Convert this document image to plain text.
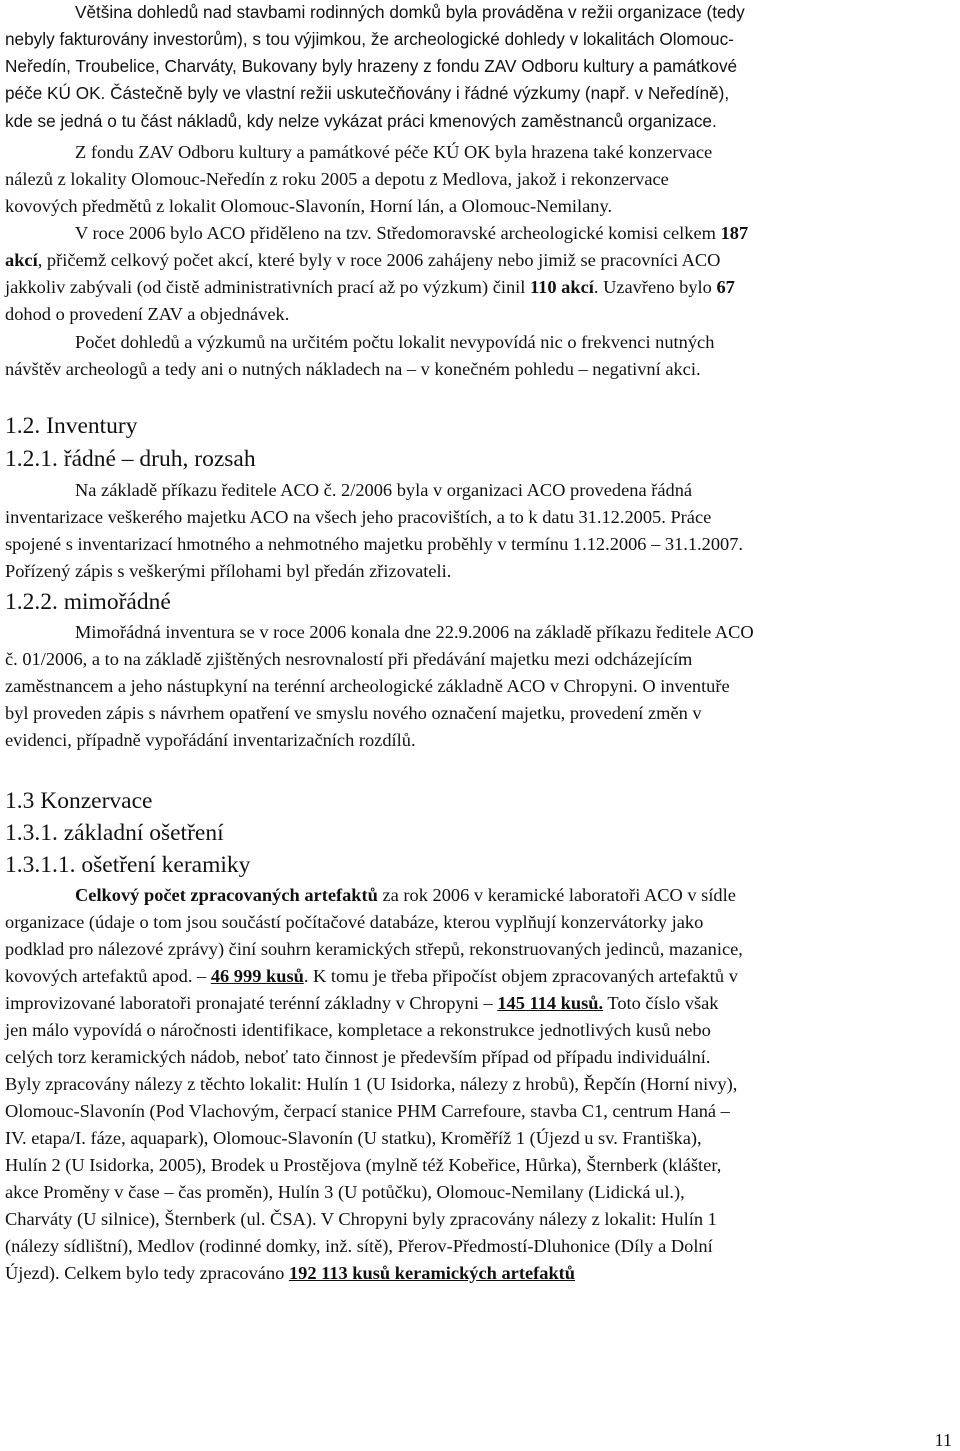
Většina dohledů nad stavbami rodinných domků byla prováděna v režii organizace (tedy
nebyly fakturovány investorům), s tou výjimkou, že archeologické dohledy v lokalitách Olomouc-
Neředín, Troubelice, Charváty, Bukovany byly hrazeny z fondu ZAV Odboru kultury a památkové
péče KÚ OK. Částečně byly ve vlastní režii uskutečňovány i řádné výzkumy (např. v Neředíně),
kde se jedná o tu část nákladů, kdy nelze vykázat práci kmenových zaměstnanců organizace.
Z fondu ZAV Odboru kultury a památkové péče KÚ OK byla hrazena také konzervace
nálezů z lokality Olomouc-Neředín z roku 2005 a depotu z Medlova, jakož i rekonzervace
kovových předmětů z lokalit Olomouc-Slavonín, Horní lán, a Olomouc-Nemilany.
V roce 2006 bylo ACO přiděleno na tzv. Středomoravské archeologické komisi celkem 187
akcí, přičemž celkový počet akcí, které byly v roce 2006 zahájeny nebo jimiž se pracovníci ACO
jakkoliv zabývali (od čistě administrativních prací až po výzkum) činil 110 akcí. Uzavřeno bylo 67
dohod o provedení ZAV a objednávek.
Počet dohledů a výzkumů na určitém počtu lokalit nevypovídá nic o frekvenci nutných
návštěv archeologů a tedy ani o nutných nákladech na – v konečném pohledu – negativní akci.
1.2. Inventury
1.2.1. řádné – druh, rozsah
Na základě příkazu ředitele ACO č. 2/2006 byla v organizaci ACO provedena řádná
inventarizace veškerého majetku ACO na všech jeho pracovištích, a to k datu 31.12.2005. Práce
spojené s inventarizací hmotného a nehmotného majetku proběhly v termínu 1.12.2006 – 31.1.2007.
Pořízený zápis s veškerými přílohami byl předán zřizovateli.
1.2.2. mimořádné
Mimořádná inventura se v roce 2006 konala dne 22.9.2006 na základě příkazu ředitele ACO
č. 01/2006, a to na základě zjištěných nesrovnalostí při předávání majetku mezi odcházejícím
zaměstnancem a jeho nástupkyní na terénní archeologické základně ACO v Chropyni. O inventuře
byl proveden zápis s návrhem opatření ve smyslu nového označení majetku, provedení změn v
evidenci, případně vypořádání inventarizačních rozdílů.
1.3 Konzervace
1.3.1. základní ošetření
1.3.1.1. ošetření keramiky
Celkový počet zpracovaných artefaktů za rok 2006 v keramické laboratoři ACO v sídle
organizace (údaje o tom jsou součástí počítačové databáze, kterou vyplňují konzervátorky jako
podklad pro nálezové zprávy) činí souhrn keramických střepů, rekonstruovaných jedinců, mazanice,
kovových artefaktů apod. – 46 999 kusů. K tomu je třeba připočíst objem zpracovaných artefaktů v
improvizované laboratoři pronajaté terénní základny v Chropyni – 145 114 kusů. Toto číslo však
jen málo vypovídá o náročnosti identifikace, kompletace a rekonstrukce jednotlivých kusů nebo
celých torz keramických nádob, neboť tato činnost je především případ od případu individuální.
Byly zpracovány nálezy z těchto lokalit: Hulín 1 (U Isidorka, nálezy z hrobů), Řepčín (Horní nivy),
Olomouc-Slavonín (Pod Vlachovým, čerpací stanice PHM Carrefoure, stavba C1, centrum Haná –
IV. etapa/I. fáze, aquapark), Olomouc-Slavonín (U statku), Kroměříž 1 (Újezd u sv. Františka),
Hulín 2 (U Isidorka, 2005), Brodek u Prostějova (mylně též Kobeřice, Hůrka), Šternberk (klášter,
akce Proměny v čase – čas proměn), Hulín 3 (U potůčku), Olomouc-Nemilany (Lidická ul.),
Charváty (U silnice), Šternberk (ul. ČSA). V Chropyni byly zpracovány nálezy z lokalit: Hulín 1
(nálezy sídlištní), Medlov (rodinné domky, inž. sítě), Přerov-Předmostí-Dluhonice (Díly a Dolní
Újezd). Celkem bylo tedy zpracováno 192 113 kusů keramických artefaktů
11
